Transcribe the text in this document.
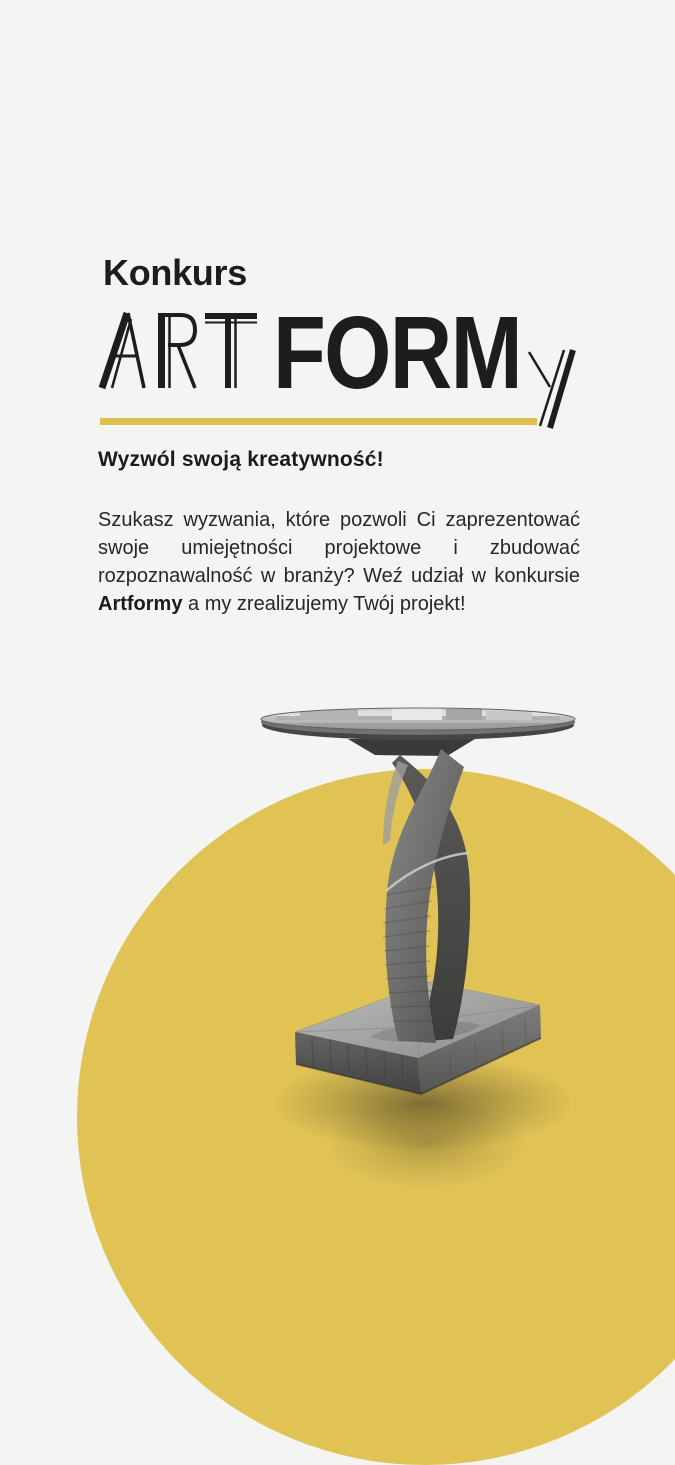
Konkurs
FORM
Wyzwól swoją kreatywność!

Szukasz wyzwania, które pozwoli Ci zaprezentować swoje umiejętności projektowe i zbudować rozpoznawalność w branży? Weź udział w konkursie Artformy a my zrealizujemy Twój projekt!
